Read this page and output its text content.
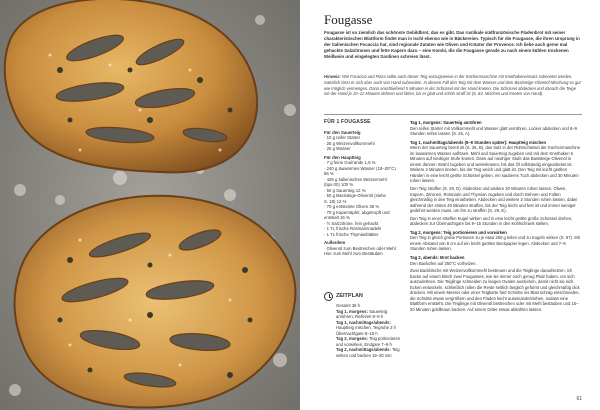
Fougasse
Fougasse ist so ziemlich das schönste Gebildbrot, das es gibt. Das rustikale südfranzösische Fladenbrot mit seiner charakteristischen Blattform findet man in Ischl ebenso wie in Bäckereien. Typisch für die Fougasse, die ihren Ursprung in der italienischen Focaccia hat, sind regionale Zutaten wie Oliven und Kräuter der Provence. Ich liebe auch gerne mal gehackte Salzzitronen und fette Kapern dazu – eine Kombi, die die Fougasse gerade zu nach einem kühlen trockenen Weißwein und eingelegten Sardinen schreien lässt.
Hinweis: Wie Focaccia und Pizza sollte auch dieser Teig vorzugsweise in der Küchenmaschine mit Knethakeneinsatz zubereitet werden. Natürlich lässt er sich aber auch von Hand zubereiten. In diesem Fall den Teig mit dem Wasser und dem Basisteige-Olivenöl-Mischung so gut wie möglich vermengen. Dann anschließend 5 Minuten in der Schüssel mit der Hand kneten. Die Schüssel abdecken und danach die Teige mit der Hand je 10–12 Minuten dehnen und falten, bis er glatt und schön straff ist (S. 84, Mischen und Kneten von Hand).
FÜR 1 FOUGASSE
Für den Sauerteig
· 10 g reifer Starter
· 25 g Weizenvollkornmehl
· 25 g Wasser
Für den Hauptteig
· 7 g feine Guérande 1,6 %
· 240 g lauwarmes Wasser (18–20°C)
56 %
· 425 g italienisches Weizenmehl
(tipo 00) 100 %
· 50 g Sauerteig 12 %
· 50 g Basisteige-Olivenöl (siehe
S. 18) 12 %
· 70 g entsteinte Oliven 35 %
· 70 g Kapernäpfel, abgetropft und
entstielt 16 %
· ½ Salzzitrone, fein gehackt
· 1 TL frische Rosmarinnadeln
· 1 TL frische Thymianblätter
Außerdem
· Olivenöl zum Bestreichen oder Mehl
Hier zum Mehl zum Bestäuben
ZEITPLAN
Gesamt 36 h
Tag 1, morgens: Sauerteig anrühren, Reifezeit 8–9 h
Tag 1, nachmittags/abends: Hauptteig mischen, Teigruhe 3 h Übernachtgare 8–15 h
Tag 2, morgens: Teig portionieren und vorwirken, Endgare 7–9 h
Tag 2, nachmittags/abends: Teig wirken und backen 15–20 min
Tag 1, morgens: Sauerteig anrühren

Den reifen Starter mit Vollkornmehl und Wasser glatt verrühren. Locker abdecken und 8–9 Stunden reifen lassen (S. 26, A).

Tag 1, nachmittags/abends (8–9 Stunden später): Hauptteig mischen

Wenn der Sauerteig bereit ist (S. 26, B), das Salz in der Rührschüssel der Küchenmaschine im lauwarmen Wasser auflösen. Mehl und Sauerteig zugeben und mit dem Knethaken 5 Minuten auf niedriger Stufe kneten. Dann auf niedriger Stufe das Basisteige-Olivenöl in einem dünnen Strahl zugeben und weiterkneten, bis das Öl vollständig eingearbeitet ist. Weitere 2 Minuten kneten, bis der Teig weich und glatt ist. Den Teig mit leicht geölten Händen in eine leicht geölte Schüssel geben, ein sauberes Tuch abdecken und 30 Minuten ruhen lassen.

Den Teig straffen (S. 29, D). Abdecken und weitere 30 Minuten ruhen lassen. Oliven, Kapern, Zitronen, Rosmarin und Thymian zugeben und durch Dehnen und Falten gleichmäßig in den Teig einarbeiten. Abdecken und weitere 2 Stunden ruhen lassen, dabei während der ersten 40 Minuten straffen, bis der Teig leicht und fest ist und immer weniger gedehnt werden muss, um ihn zu straffen (S. 29, E).

Den Teig in einer straffen Kugel wirken und in eine leicht geölte große Schüssel drehen, abdecken zur Übernachtgare bis 8–15 Stunden in den Kühlschrank stellen.

Tag 2, morgens: Teig portionieren und vorwirken

Den Teig in gleich große Portionen zu je etwa 250 g teilen und zu Kugeln wirken (S. 87). Mit einem Abstand von 8 cm auf ein leicht geöltes Backpapier legen. Abdecken und 7–9 Stunden ruhen lassen.

Tag 2, abends: Brot backen

Den Backofen auf 250°C vorheizen.

Zwei Backbleche mit Weizenvollkornmehl bestreuen und die Teiglinge daraufsetzen, ich backe auf einem Blech zwei Fougasses, wie sie immer noch genug Platz haben, um sich auszudehnen. Die Teiglinge schneiden zu langen Ovalen ausziehen, damit nicht sie sich Ecken entwickeln, schließlich rollen die Reste seitlich länglich geformt und gleichmäßig dick drücken. Mit einem Messer oder einer Teigkarte fünf Schnitte ins Blatt schräg einschneiden, die Schnitte etwas vergrößern und den Fladen leicht auseinanderziehen, sodass eine Blattform entsteht. Die Teiglinge mit Olivenöl bestreichen oder mit Mehl bestäuben und 15–20 Minuten goldbraun backen. Auf einem Gitter etwas abkühlen lassen.

61
